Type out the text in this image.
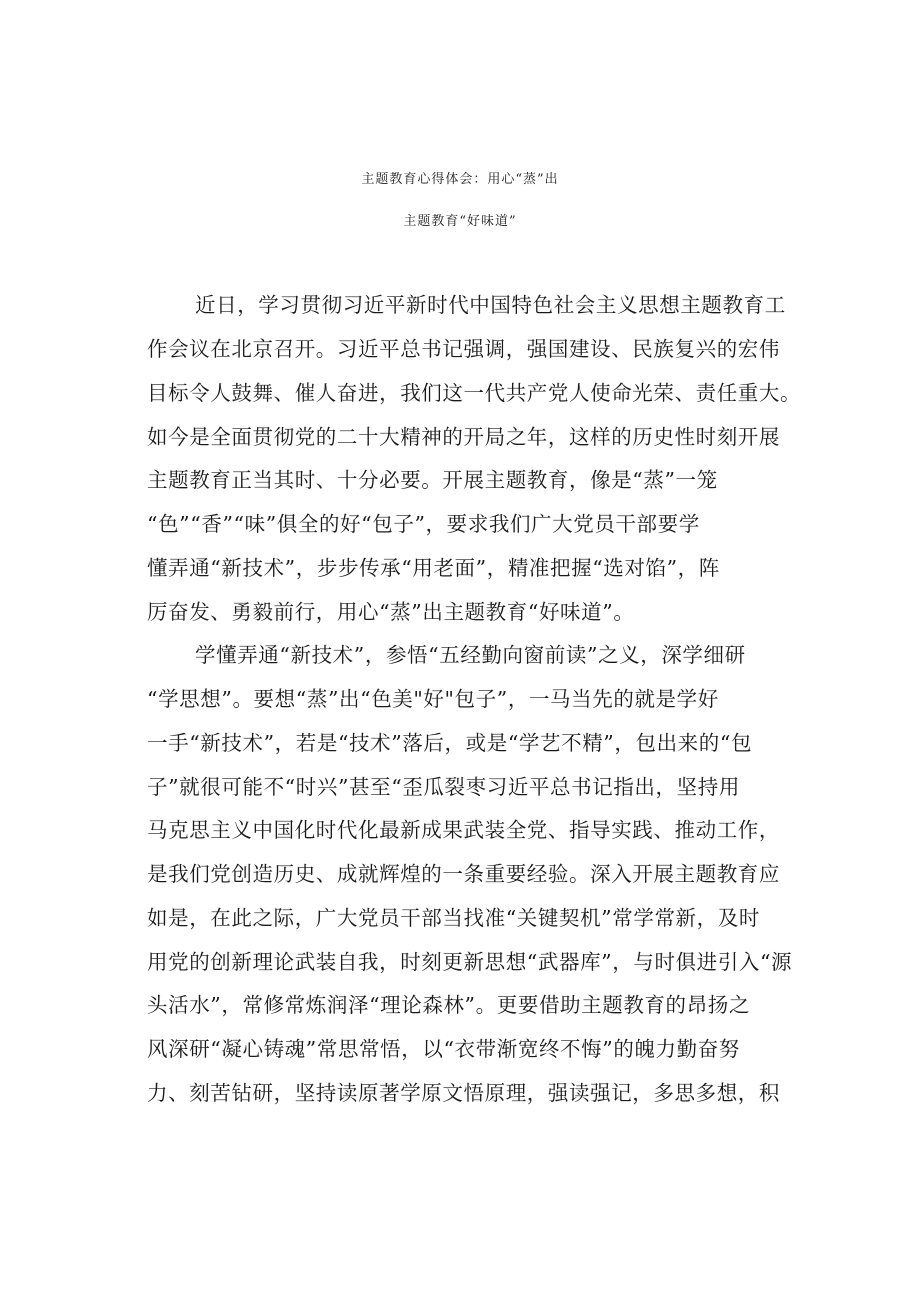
主题教育心得体会：用心“蒸”出
主题教育“好味道”
近日，学习贯彻习近平新时代中国特色社会主义思想主题教育工
作会议在北京召开。习近平总书记强调，强国建设、民族复兴的宏伟
目标令人鼓舞、催人奋进，我们这一代共产党人使命光荣、责任重大。
如今是全面贯彻党的二十大精神的开局之年，这样的历史性时刻开展
主题教育正当其时、十分必要。开展主题教育，像是“蒸”一笼
“色”“香”“味”俱全的好“包子”，要求我们广大党员干部要学
懂弄通“新技术”，步步传承“用老面”，精准把握“选对馅”，阵
厉奋发、勇毅前行，用心“蒸”出主题教育“好味道”。
学懂弄通“新技术”，参悟“五经勤向窗前读”之义，深学细研
“学思想”。要想“蒸”出“色美"好"包子”，一马当先的就是学好
一手“新技术”，若是“技术”落后，或是“学艺不精”，包出来的“包
子”就很可能不“时兴”甚至“歪瓜裂枣习近平总书记指出，坚持用
马克思主义中国化时代化最新成果武装全党、指导实践、推动工作，
是我们党创造历史、成就辉煌的一条重要经验。深入开展主题教育应
如是，在此之际，广大党员干部当找准“关键契机”常学常新，及时
用党的创新理论武装自我，时刻更新思想“武器库”，与时俱进引入“源
头活水”，常修常炼润泽“理论森林”。更要借助主题教育的昂扬之
风深研“凝心铸魂”常思常悟，以“衣带渐宽终不悔”的魄力勤奋努
力、刻苦钻研，坚持读原著学原文悟原理，强读强记，多思多想，积
